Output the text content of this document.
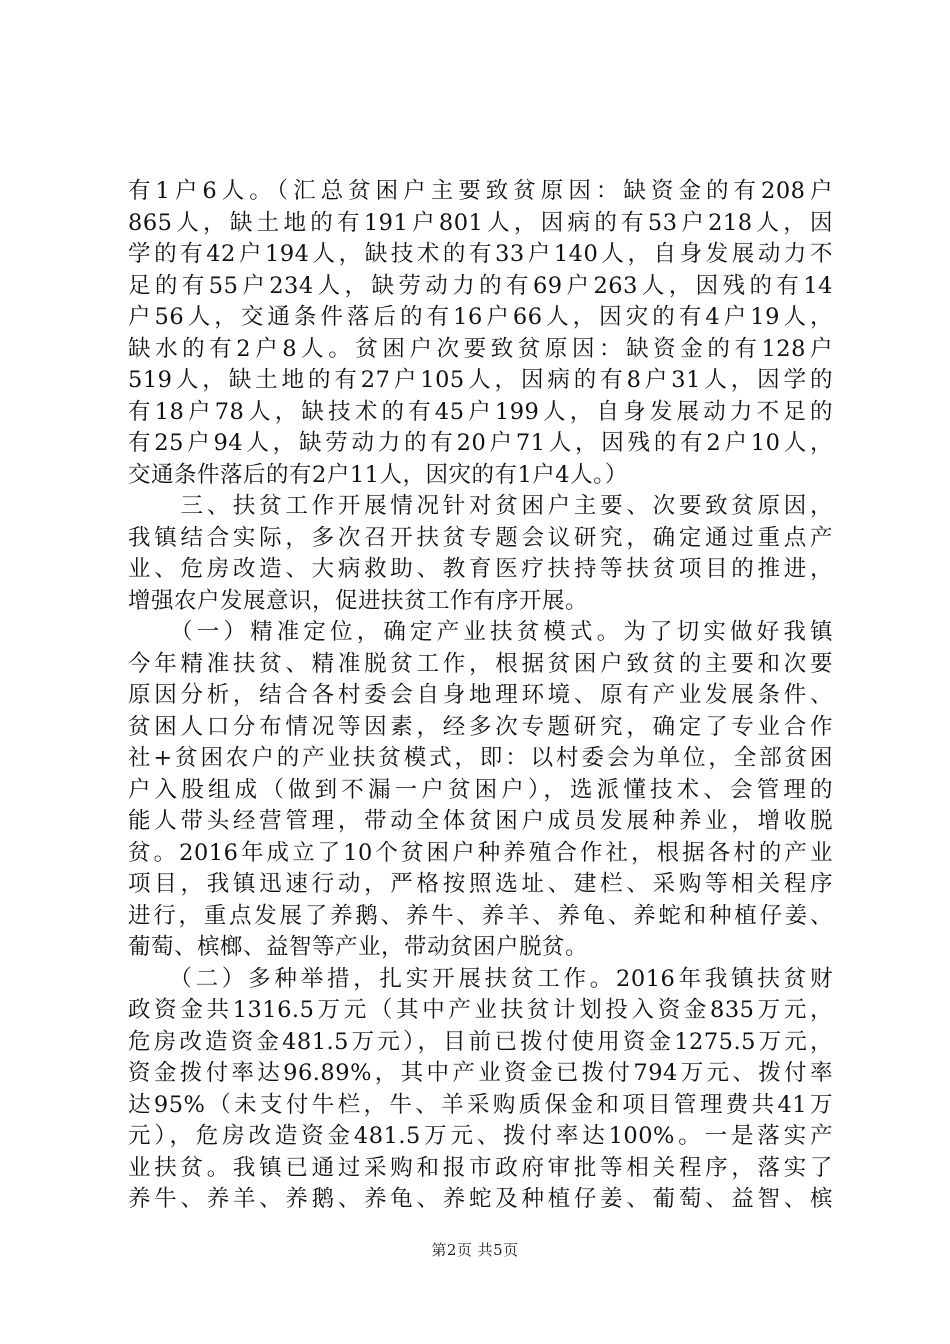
有1户6人。（汇总贫困户主要致贫原因：缺资金的有208户
865人，缺土地的有191户801人，因病的有53户218人，因
学的有42户194人，缺技术的有33户140人，自身发展动力不
足的有55户234人，缺劳动力的有69户263人，因残的有14
户56人，交通条件落后的有16户66人，因灾的有4户19人，
缺水的有2户8人。贫困户次要致贫原因：缺资金的有128户
519人，缺土地的有27户105人，因病的有8户31人，因学的
有18户78人，缺技术的有45户199人，自身发展动力不足的
有25户94人，缺劳动力的有20户71人，因残的有2户10人，
交通条件落后的有2户11人，因灾的有1户4人。）
　　三、扶贫工作开展情况针对贫困户主要、次要致贫原因，
我镇结合实际，多次召开扶贫专题会议研究，确定通过重点产
业、危房改造、大病救助、教育医疗扶持等扶贫项目的推进，
增强农户发展意识，促进扶贫工作有序开展。
　　（一）精准定位，确定产业扶贫模式。为了切实做好我镇
今年精准扶贫、精准脱贫工作，根据贫困户致贫的主要和次要
原因分析，结合各村委会自身地理环境、原有产业发展条件、
贫困人口分布情况等因素，经多次专题研究，确定了专业合作
社+贫困农户的产业扶贫模式，即：以村委会为单位，全部贫困
户入股组成（做到不漏一户贫困户），选派懂技术、会管理的
能人带头经营管理，带动全体贫困户成员发展种养业，增收脱
贫。2016年成立了10个贫困户种养殖合作社，根据各村的产业
项目，我镇迅速行动，严格按照选址、建栏、采购等相关程序
进行，重点发展了养鹅、养牛、养羊、养龟、养蛇和种植仔姜、
葡萄、槟榔、益智等产业，带动贫困户脱贫。
　　（二）多种举措，扎实开展扶贫工作。2016年我镇扶贫财
政资金共1316.5万元（其中产业扶贫计划投入资金835万元，
危房改造资金481.5万元），目前已拨付使用资金1275.5万元，
资金拨付率达96.89%，其中产业资金已拨付794万元、拨付率
达95%（未支付牛栏，牛、羊采购质保金和项目管理费共41万
元），危房改造资金481.5万元、拨付率达100%。一是落实产
业扶贫。我镇已通过采购和报市政府审批等相关程序，落实了
养牛、养羊、养鹅、养龟、养蛇及种植仔姜、葡萄、益智、槟
第2页 共5页
